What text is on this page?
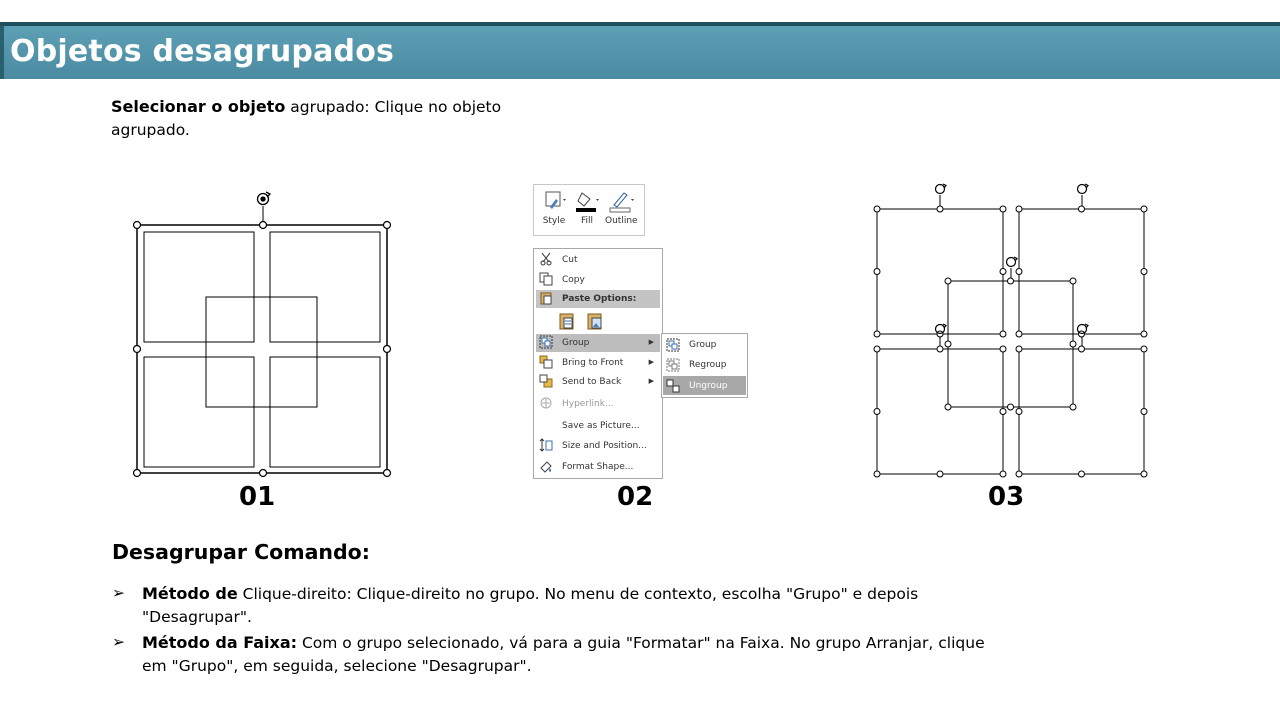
Objetos desagrupados
Selecionar o objeto agrupado: Clique no objeto agrupado.
01
Style	Fill	Outline
Cut
Copy
Paste Options:
Group	▶
Bring to Front	▶
Send to Back	▶
Hyperlink...
Save as Picture...
Size and Position...
Format Shape...
Group
Regroup
Ungroup
02	03
Desagrupar Comando:
➢ Método de Clique-direito: Clique-direito no grupo. No menu de contexto, escolha "Grupo" e depois "Desagrupar".
➢ Método da Faixa: Com o grupo selecionado, vá para a guia "Formatar" na Faixa. No grupo Arranjar, clique em "Grupo", em seguida, selecione "Desagrupar".
